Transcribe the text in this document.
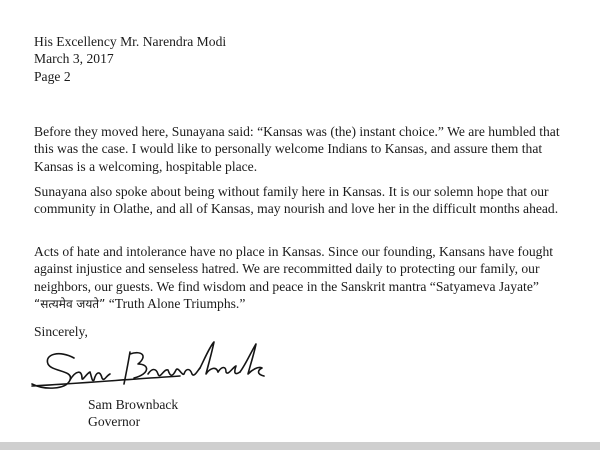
His Excellency Mr. Narendra Modi
March 3, 2017
Page 2

Before they moved here, Sunayana said: “Kansas was (the) instant choice.” We are humbled that
this was the case. I would like to personally welcome Indians to Kansas, and assure them that
Kansas is a welcoming, hospitable place.

Sunayana also spoke about being without family here in Kansas. It is our solemn hope that our
community in Olathe, and all of Kansas, may nourish and love her in the difficult months ahead.

Acts of hate and intolerance have no place in Kansas. Since our founding, Kansans have fought
against injustice and senseless hatred. We are recommitted daily to protecting our family, our
neighbors, our guests. We find wisdom and peace in the Sanskrit mantra “Satyameva Jayate”
“सत्यमेव जयते” “Truth Alone Triumphs.”

Sincerely,
Sam Brownback
Governor
